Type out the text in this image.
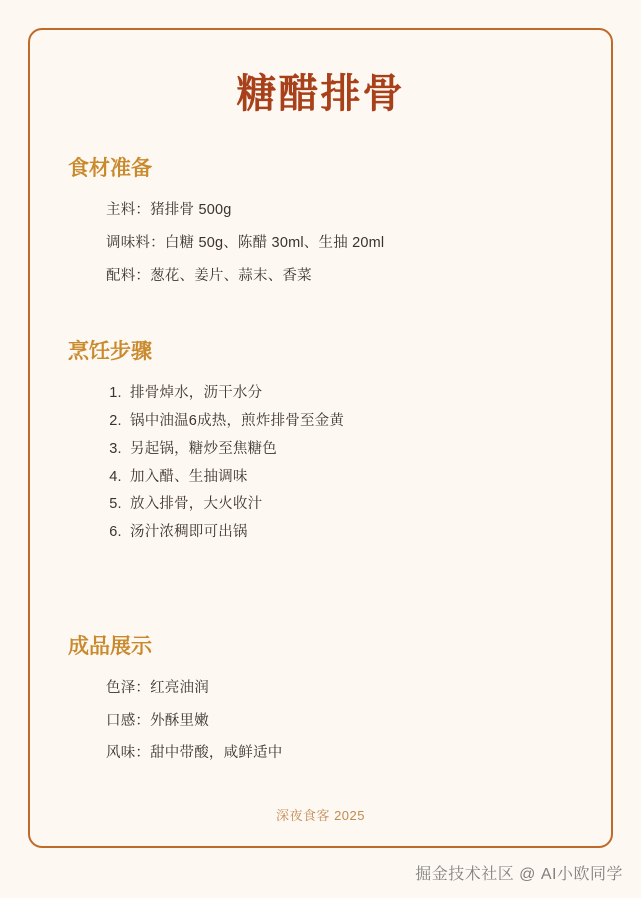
糖醋排骨
食材准备
主料：猪排骨 500g
调味料：白糖 50g、陈醋 30ml、生抽 20ml
配料：葱花、姜片、蒜末、香菜
烹饪步骤
1. 排骨焯水，沥干水分
2. 锅中油温6成热，煎炸排骨至金黄
3. 另起锅，糖炒至焦糖色
4. 加入醋、生抽调味
5. 放入排骨，大火收汁
6. 汤汁浓稠即可出锅
成品展示
色泽：红亮油润
口感：外酥里嫩
风味：甜中带酸，咸鲜适中
深夜食客 2025
掘金技术社区 @ AI小欧同学
